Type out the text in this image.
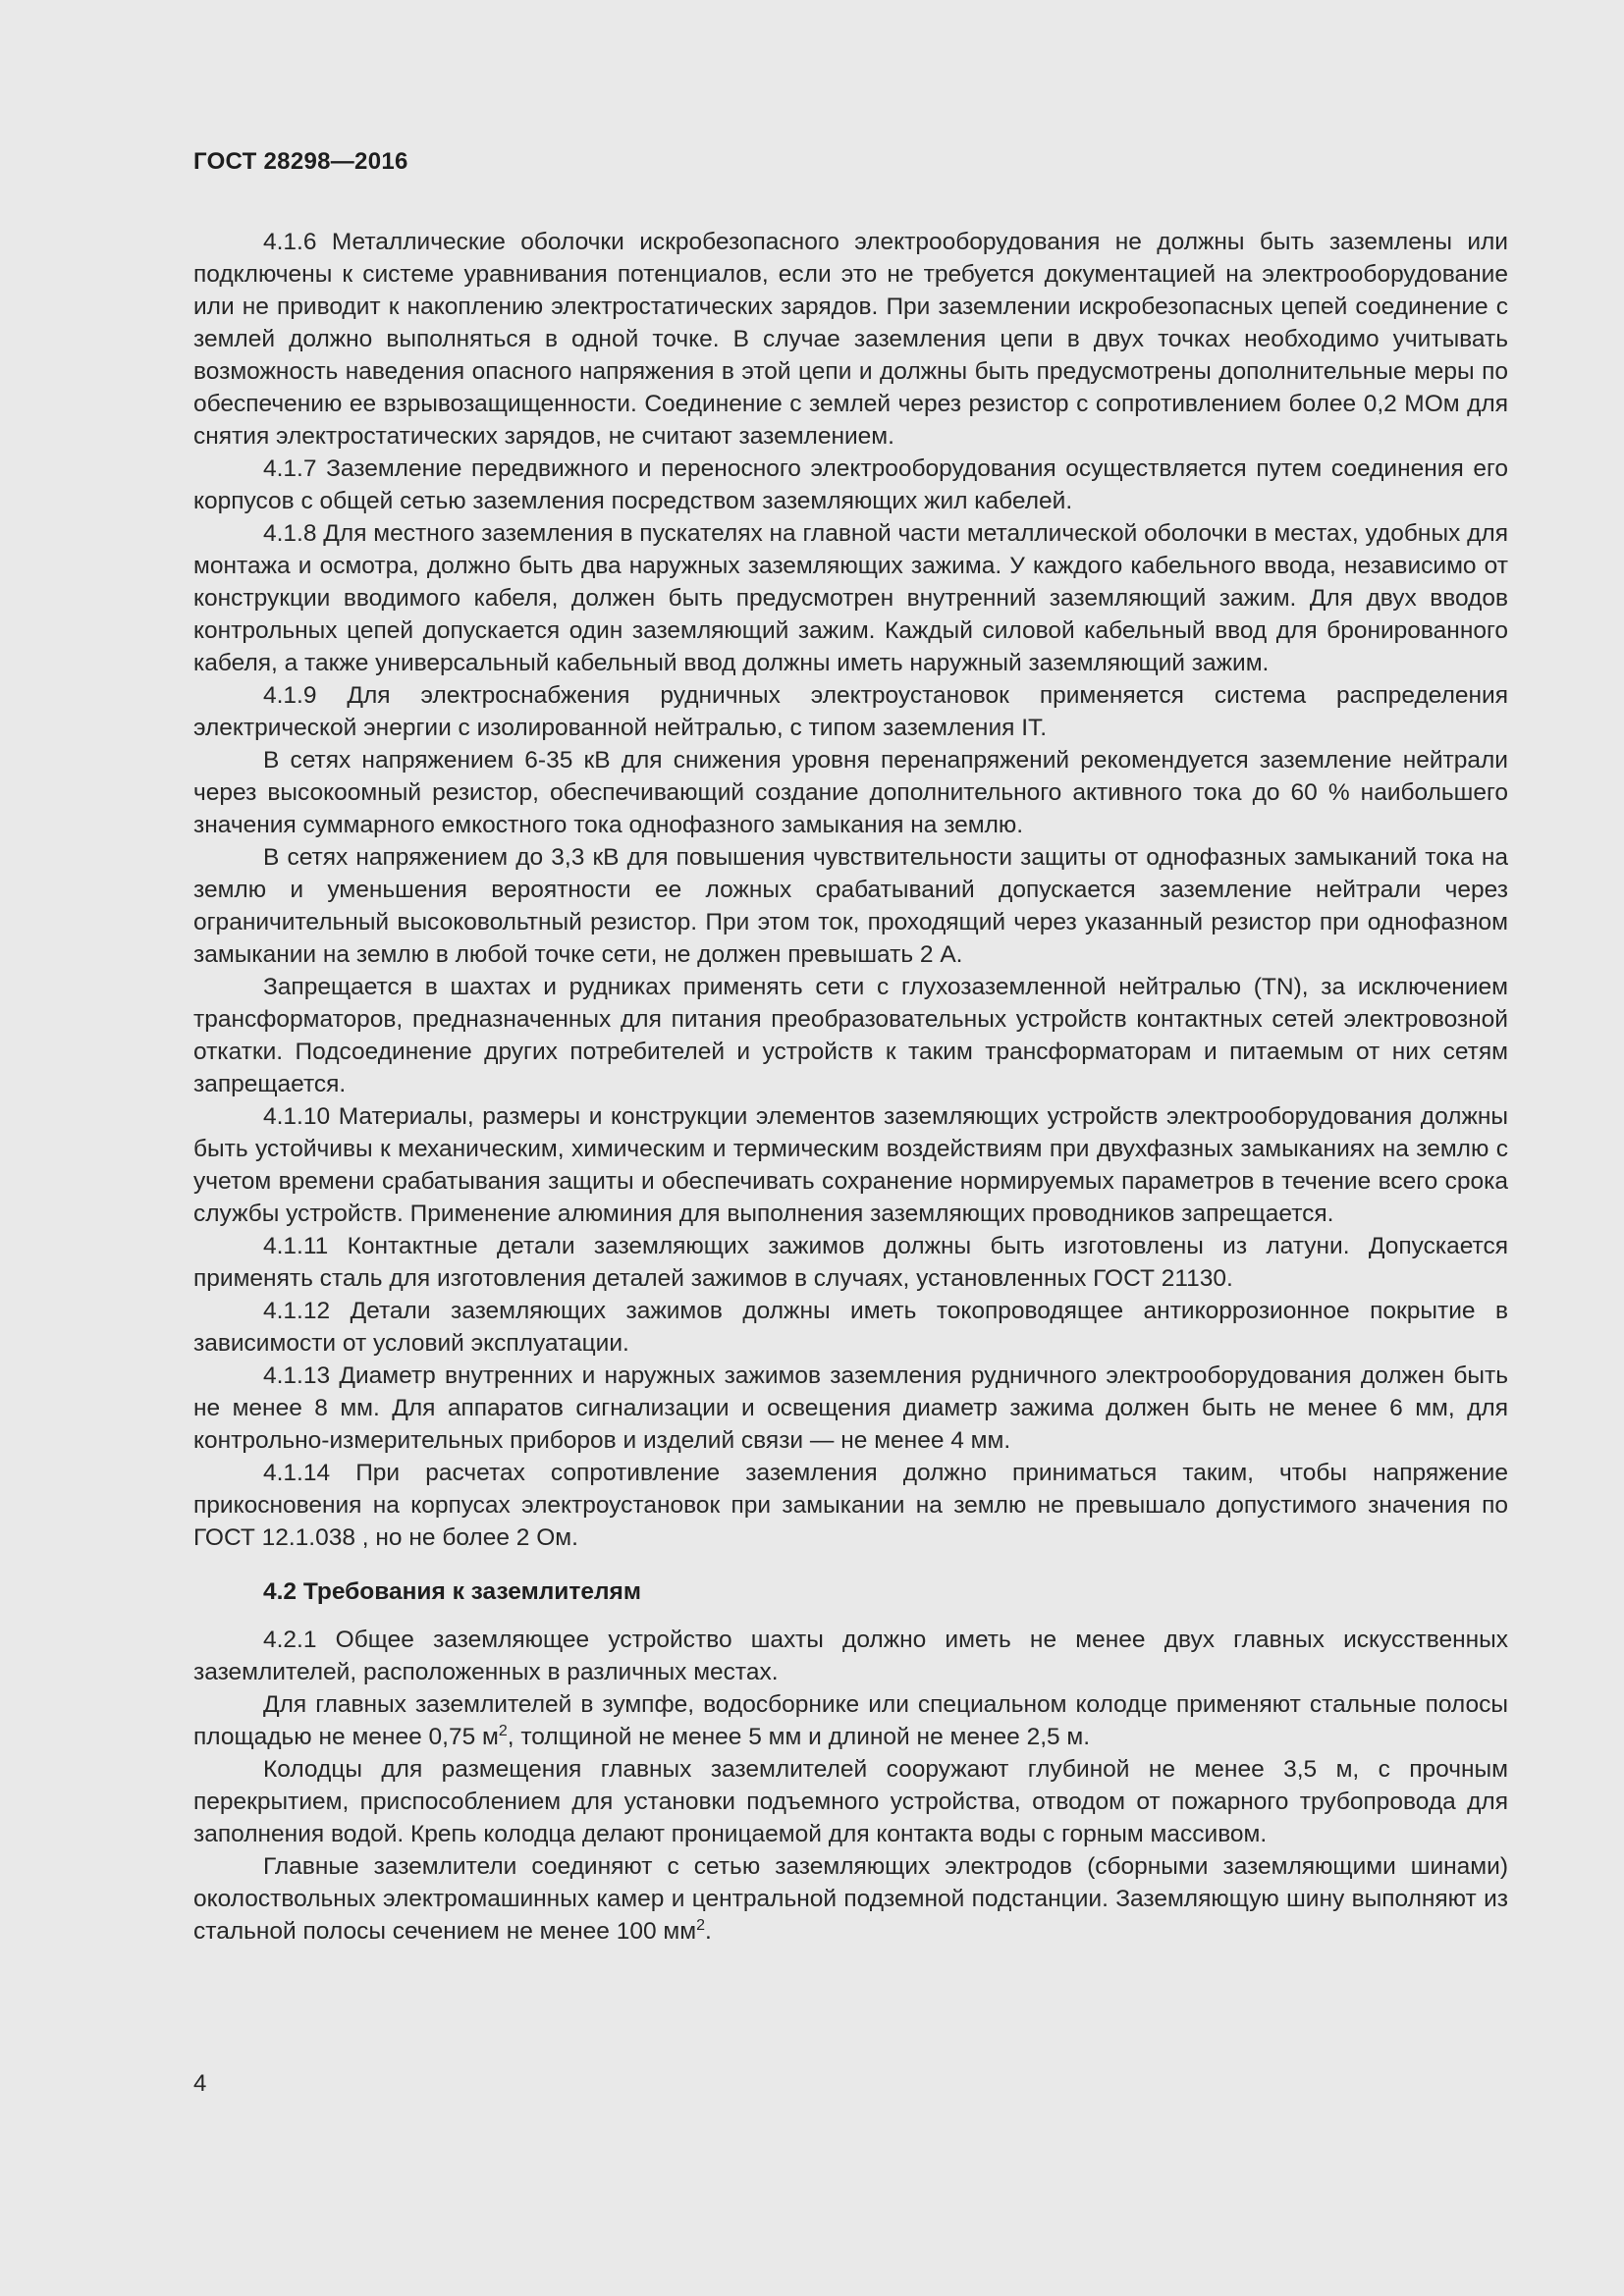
ГОСТ 28298—2016

4.1.6 Металлические оболочки искробезопасного электрооборудования не должны быть заземлены или подключены к системе уравнивания потенциалов, если это не требуется документацией на электрооборудование или не приводит к накоплению электростатических зарядов. При заземлении искробезопасных цепей соединение с землей должно выполняться в одной точке. В случае заземления цепи в двух точках необходимо учитывать возможность наведения опасного напряжения в этой цепи и должны быть предусмотрены дополнительные меры по обеспечению ее взрывозащищенности. Соединение с землей через резистор с сопротивлением более 0,2 МОм для снятия электростатических зарядов, не считают заземлением.

4.1.7 Заземление передвижного и переносного электрооборудования осуществляется путем соединения его корпусов с общей сетью заземления посредством заземляющих жил кабелей.

4.1.8 Для местного заземления в пускателях на главной части металлической оболочки в местах, удобных для монтажа и осмотра, должно быть два наружных заземляющих зажима. У каждого кабельного ввода, независимо от конструкции вводимого кабеля, должен быть предусмотрен внутренний заземляющий зажим. Для двух вводов контрольных цепей допускается один заземляющий зажим. Каждый силовой кабельный ввод для бронированного кабеля, а также универсальный кабельный ввод должны иметь наружный заземляющий зажим.

4.1.9 Для электроснабжения рудничных электроустановок применяется система распределения электрической энергии с изолированной нейтралью, с типом заземления IT.

В сетях напряжением 6-35 кВ для снижения уровня перенапряжений рекомендуется заземление нейтрали через высокоомный резистор, обеспечивающий создание дополнительного активного тока до 60 % наибольшего значения суммарного емкостного тока однофазного замыкания на землю.

В сетях напряжением до 3,3 кВ для повышения чувствительности защиты от однофазных замыканий тока на землю и уменьшения вероятности ее ложных срабатываний допускается заземление нейтрали через ограничительный высоковольтный резистор. При этом ток, проходящий через указанный резистор при однофазном замыкании на землю в любой точке сети, не должен превышать 2 А.

Запрещается в шахтах и рудниках применять сети с глухозаземленной нейтралью (TN), за исключением трансформаторов, предназначенных для питания преобразовательных устройств контактных сетей электровозной откатки. Подсоединение других потребителей и устройств к таким трансформаторам и питаемым от них сетям запрещается.

4.1.10 Материалы, размеры и конструкции элементов заземляющих устройств электрооборудования должны быть устойчивы к механическим, химическим и термическим воздействиям при двухфазных замыканиях на землю с учетом времени срабатывания защиты и обеспечивать сохранение нормируемых параметров в течение всего срока службы устройств. Применение алюминия для выполнения заземляющих проводников запрещается.

4.1.11 Контактные детали заземляющих зажимов должны быть изготовлены из латуни. Допускается применять сталь для изготовления деталей зажимов в случаях, установленных ГОСТ 21130.

4.1.12 Детали заземляющих зажимов должны иметь токопроводящее антикоррозионное покрытие в зависимости от условий эксплуатации.

4.1.13 Диаметр внутренних и наружных зажимов заземления рудничного электрооборудования должен быть не менее 8 мм. Для аппаратов сигнализации и освещения диаметр зажима должен быть не менее 6 мм, для контрольно-измерительных приборов и изделий связи — не менее 4 мм.

4.1.14 При расчетах сопротивление заземления должно приниматься таким, чтобы напряжение прикосновения на корпусах электроустановок при замыкании на землю не превышало допустимого значения по ГОСТ 12.1.038 , но не более 2 Ом.

4.2 Требования к заземлителям

4.2.1 Общее заземляющее устройство шахты должно иметь не менее двух главных искусственных заземлителей, расположенных в различных местах.

Для главных заземлителей в зумпфе, водосборнике или специальном колодце применяют стальные полосы площадью не менее 0,75 $м^2$, толщиной не менее 5 мм и длиной не менее 2,5 м.

Колодцы для размещения главных заземлителей сооружают глубиной не менее 3,5 м, с прочным перекрытием, приспособлением для установки подъемного устройства, отводом от пожарного трубопровода для заполнения водой. Крепь колодца делают проницаемой для контакта воды с горным массивом.

Главные заземлители соединяют с сетью заземляющих электродов (сборными заземляющими шинами) околоствольных электромашинных камер и центральной подземной подстанции. Заземляющую шину выполняют из стальной полосы сечением не менее 100 $мм^2$.

4
